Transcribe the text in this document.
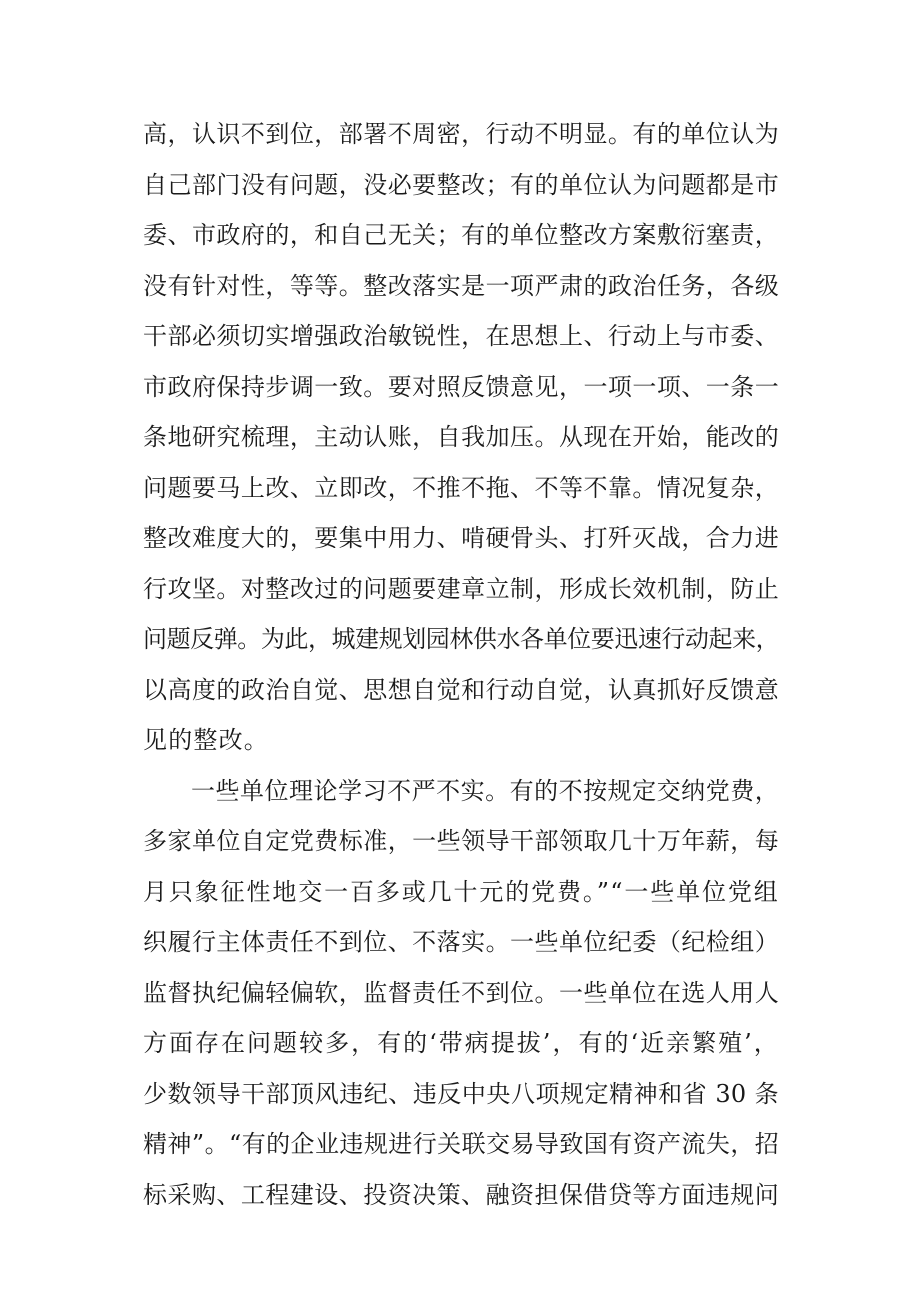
高，认识不到位，部署不周密，行动不明显。有的单位认为
自己部门没有问题，没必要整改；有的单位认为问题都是市
委、市政府的，和自己无关；有的单位整改方案敷衍塞责，
没有针对性，等等。整改落实是一项严肃的政治任务，各级
干部必须切实增强政治敏锐性，在思想上、行动上与市委、
市政府保持步调一致。要对照反馈意见，一项一项、一条一
条地研究梳理，主动认账，自我加压。从现在开始，能改的
问题要马上改、立即改，不推不拖、不等不靠。情况复杂，
整改难度大的，要集中用力、啃硬骨头、打歼灭战，合力进
行攻坚。对整改过的问题要建章立制，形成长效机制，防止
问题反弹。为此，城建规划园林供水各单位要迅速行动起来，
以高度的政治自觉、思想自觉和行动自觉，认真抓好反馈意
见的整改。
一些单位理论学习不严不实。有的不按规定交纳党费，
多家单位自定党费标准，一些领导干部领取几十万年薪，每
月只象征性地交一百多或几十元的党费。”“一些单位党组
织履行主体责任不到位、不落实。一些单位纪委（纪检组）
监督执纪偏轻偏软，监督责任不到位。一些单位在选人用人
方面存在问题较多，有的‘带病提拔’，有的‘近亲繁殖’，
少数领导干部顶风违纪、违反中央八项规定精神和省 30 条
精神”。“有的企业违规进行关联交易导致国有资产流失，招
标采购、工程建设、投资决策、融资担保借贷等方面违规问
